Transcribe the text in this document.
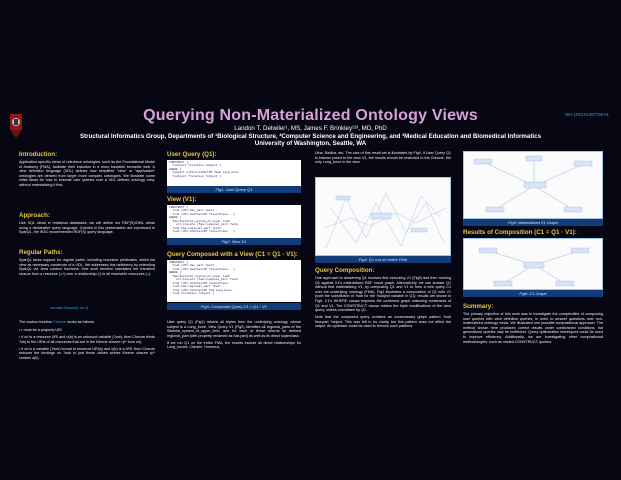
Querying Non-Materialized Ontology Views	NIH 1R01HL087706-01
Landon T. Detwiler¹, MS, James F. Brinkley¹²³, MD, PhD
Structural Informatics Group, Departments of ¹Biological Structure, ²Computer Science and Engineering, and ³Medical Education and Biomedical Informatics
University of Washington, Seattle, WA
Introduction:
Application-specific views of reference ontologies, such as the Foundational Model of Anatomy (FMA), facilitate their inclusion in a more tractable semantic web. A view definition language (VDL) defines how simplified "view" or "application" ontologies are derived from larger more complex ontologies. We illustrate some initial ideas for how to execute user queries over a VDL defined ontology view, without materializing it first.
Approach:
Like SQL views in relational databases, we will define our RDF(S)/OWL views using a declarative query language. Queries in this presentation are expressed in SparQL, the W3C recommended RDF(S) query language.
Regular Paths:
SparQL lacks support for regular paths, including recursive predicates, which we view as necessary constructs of a VDL. We addressed this deficiency by extending SparQL via Jena custom functions. One such function calculates the transitive closure from a resource (url) over a relationship (r) to all reachable resources (o):
url:valid Closure(r url o)
The custom function Closure works as follows.

• r must be a property URI

• if url is a resource URI and o(b) is an unbound variable (?var), then Closure binds ?obj to the URIs of all resources that are in the Kleene closure r(r* from url).

• if url is a variable (?sub) bound to resource URI(s) and o(b) is a URI, then Closure reduces the bindings on ?sub to just those values whose Kleene closure r(r* contain o(b).

User Query (Q1):
CONSTRUCT {
?subject ?relation ?object }
WHERE {
?object nifstd:isPartOf ?mid Long_bone .
?subject ?relation ?object }
Fig1: User Query Q1
View (V1):
CONSTRUCT {
?sub rdfs:has_part ?part .
?sub rdfs:subClassOf ?superClass . }
WHERE {
fma:Skeletal_system_of_upper_limb
url:Closure (fma:regional_part ?sub) .
?sub fma:regional_part ?part .
?sub rdfs:subClassOf ?superClass . }
Fig2: View V1
Query Composed with a View (C1 = Q1 ◦ V1):
CONSTRUCT {
?sub rdfs:has_part ?part .
?sub rdfs:subClassOf ?superClass . }
WHERE {
fma:Skeletal_system_of_upper_limb
url:Closure (fma:regional_part ?sub) .
?sub rdfs:subClassOf ?superClass .
?sub fma:regional_part ?part .
?sub rdfs:subClassOf fma:Long_bone .
?sub ?relation ?object }
Fig3: Composed Query C1 = Q1 ◦ V1

User query Q1 (Fig1) returns all triples from the underlying ontology, whose subject is a Long_bone. View Query V1 (Fig2) identifies all regional_parts of the Skeletal_system_of_upper_limb, and for each of these returns its defined regional_part (with property renamed as has part) as well as its direct superclass.

If we run Q1 on the entire FMA, the results include all direct relationships for Long_bones: Clavicle, Humerus,

Ulna, Radius, etc. The size of this result set is illustrated by Fig4. If User Query Q1 is instead posed to the view V1, the results should be restricted to the Clavicle, the only Long_bone in the view.
Fig4: Q1 run on entire FMA
Query Composition:

One approach to answering Q1 involves first executing V1 (Fig5) and then running Q1 against V1's materialized RDF result graph. Alternatively, we can answer Q1 without first materializing V1, by composing Q1 and V1 to form a new query C1 over the underlying ontology (FMA). Fig3 illustrates a composition of Q1 with V1 (note the substitution of ?sub for the ?subject variable in Q1); results are shown in Fig6. C1's WHERE clause imposes the combined graph matching constraints of Q1 and V1. The CONSTRUCT clause retains the triple modifications of the view query, unless overridden by Q1.

Note that the composed query contains an unnecessary graph pattern ?sub fma:part ?object. This was left in for clarity, but this pattern does not effect the output. An optimizer could be used to remove such patterns.

Fig5: Materialized V1 Graph
Results of Composition (C1 = Q1 ◦ V1):
Fig6: C1 Graph
Summary:
The primary objective of this work was to investigate the complexities of composing user queries with view definition queries, in order to answer questions over non-materialized ontology views. We illustrated one possible compositional approach. The method shown here produces correct results under constrained conditions, but generalized queries may be inefficient. Query optimization techniques could be used to improve efficiency. Additionally, we are investigating other compositional methodologies, such as nested CONSTRUCT queries.
